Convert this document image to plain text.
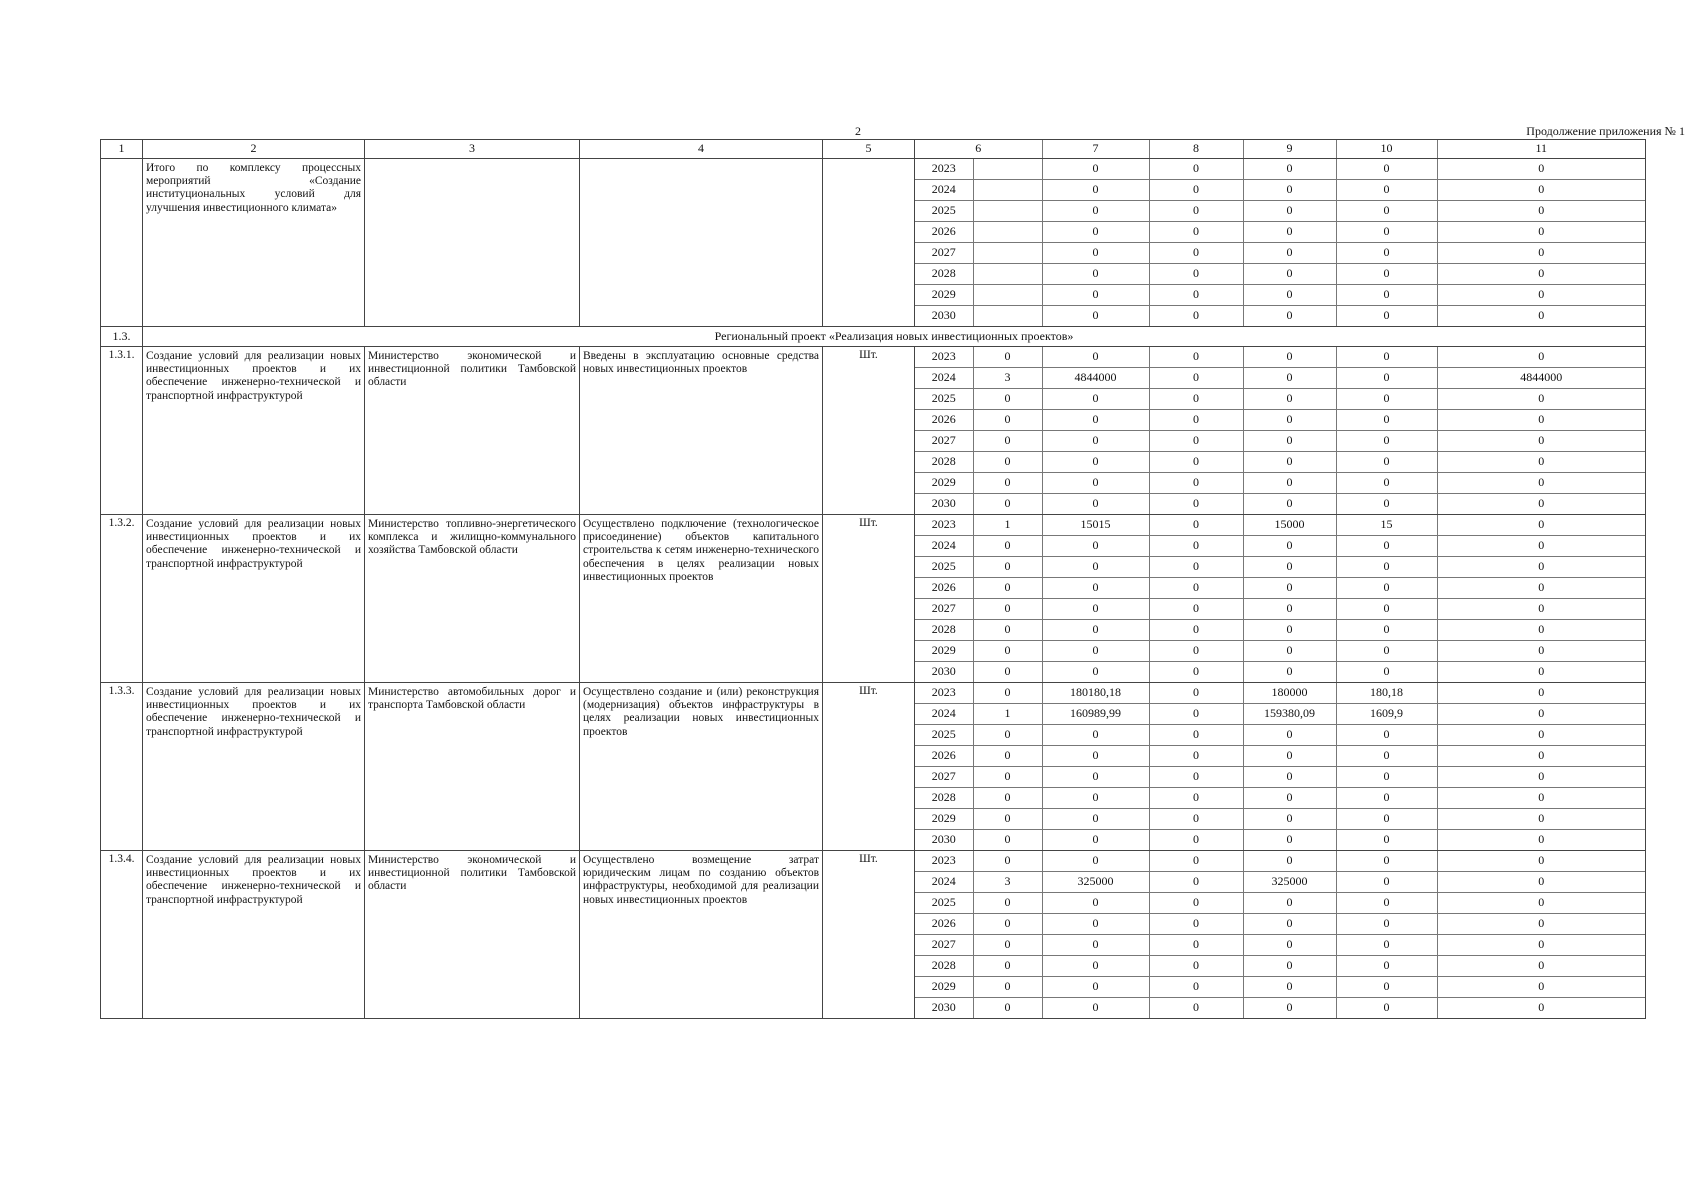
2	Продолжение приложения № 1
1	2	3	4	5		6	7	8	9	10	11

	Итого по комплексу процессных мероприятий «Создание институциональных условий для улучшения инвестиционного климата»				
2023		0	0	0	0	0
2024		0	0	0	0	0
2025		0	0	0	0	0
2026		0	0	0	0	0
2027		0	0	0	0	0
2028		0	0	0	0	0
2029		0	0	0	0	0
2030		0	0	0	0	0

1.3.	Региональный проект «Реализация новых инвестиционных проектов»
1.3.1.	Создание условий для реализации новых инвестиционных проектов и их обеспечение инженерно-технической и транспортной инфраструктурой	Министерство экономической и инвестиционной политики Тамбовской области	Введены в эксплуатацию основные средства новых инвестиционных проектов	Шт.		2023	0	0	0	0	0	0
2024	3	4844000	0	0	0	4844000
2025	0	0	0	0	0	0
2026	0	0	0	0	0	0
2027	0	0	0	0	0	0
2028	0	0	0	0	0	0
2029	0	0	0	0	0	0
2030	0	0	0	0	0	0

1.3.2.	Создание условий для реализации новых инвестиционных проектов и их обеспечение инженерно-технической и транспортной инфраструктурой	Министерство топливно-энергетического комплекса и жилищно-коммунального хозяйства Тамбовской области	Осуществлено подключение (технологическое присоединение) объектов капитального строительства к сетям инженерно-технического обеспечения в целях реализации новых инвестиционных проектов	Шт.		2023	1	15015	0	15000	15	0
2024	0	0	0	0	0	0
2025	0	0	0	0	0	0
2026	0	0	0	0	0	0
2027	0	0	0	0	0	0
2028	0	0	0	0	0	0
2029	0	0	0	0	0	0
2030	0	0	0	0	0	0

1.3.3.	Создание условий для реализации новых инвестиционных проектов и их обеспечение инженерно-технической и транспортной инфраструктурой	Министерство автомобильных дорог и транспорта Тамбовской области	Осуществлено создание и (или) реконструкция (модернизация) объектов инфраструктуры в целях реализации новых инвестиционных проектов	Шт.		2023	0	180180,18	0	180000	180,18	0
2024	1	160989,99	0	159380,09	1609,9	0
2025	0	0	0	0	0	0
2026	0	0	0	0	0	0
2027	0	0	0	0	0	0
2028	0	0	0	0	0	0
2029	0	0	0	0	0	0
2030	0	0	0	0	0	0

1.3.4.	Создание условий для реализации новых инвестиционных проектов и их обеспечение инженерно-технической и транспортной инфраструктурой	Министерство экономической и инвестиционной политики Тамбовской области	Осуществлено возмещение затрат юридическим лицам по созданию объектов инфраструктуры, необходимой для реализации новых инвестиционных проектов	Шт.		2023	0	0	0	0	0	0
2024	3	325000	0	325000	0	0
2025	0	0	0	0	0	0
2026	0	0	0	0	0	0
2027	0	0	0	0	0	0
2028	0	0	0	0	0	0
2029	0	0	0	0	0	0
2030	0	0	0	0	0	0
